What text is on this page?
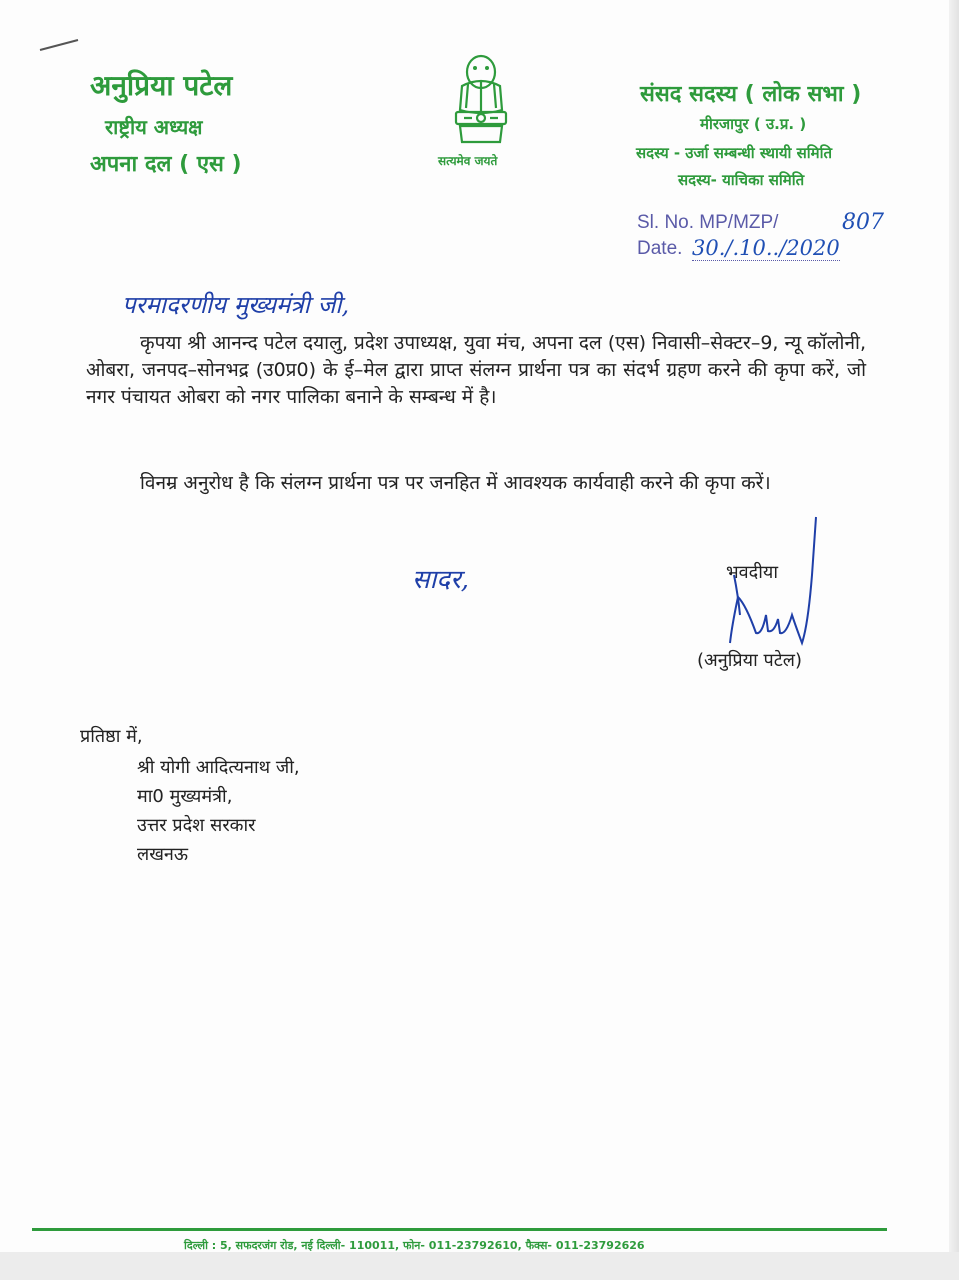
अनुप्रिया पटेल
राष्ट्रीय अध्यक्ष
अपना दल ( एस )	सत्यमेव जयते
संसद सदस्य ( लोक सभा )
मीरजापुर ( उ.प्र. )
सदस्य - उर्जा सम्बन्धी स्थायी समिति
सदस्य- याचिका समिति
Sl. No. MP/MZP/	807
Date. 30./.10../2020
परमादरणीय मुख्यमंत्री जी,
कृपया श्री आनन्द पटेल दयालु, प्रदेश उपाध्यक्ष, युवा मंच, अपना दल (एस) निवासी–सेक्टर–9, न्यू कॉलोनी, ओबरा, जनपद–सोनभद्र (उ0प्र0) के ई–मेल द्वारा प्राप्त संलग्न प्रार्थना पत्र का संदर्भ ग्रहण करने की कृपा करें, जो नगर पंचायत ओबरा को नगर पालिका बनाने के सम्बन्ध में है।
विनम्र अनुरोध है कि संलग्न प्रार्थना पत्र पर जनहित में आवश्यक कार्यवाही करने की कृपा करें।
सादर,	भवदीया
(अनुप्रिया पटेल)
प्रतिष्ठा में,
श्री योगी आदित्यनाथ जी,
मा0 मुख्यमंत्री,
उत्तर प्रदेश सरकार
लखनऊ
दिल्ली : 5, सफदरजंग रोड, नई दिल्ली- 110011, फोन- 011-23792610, फैक्स- 011-23792626
